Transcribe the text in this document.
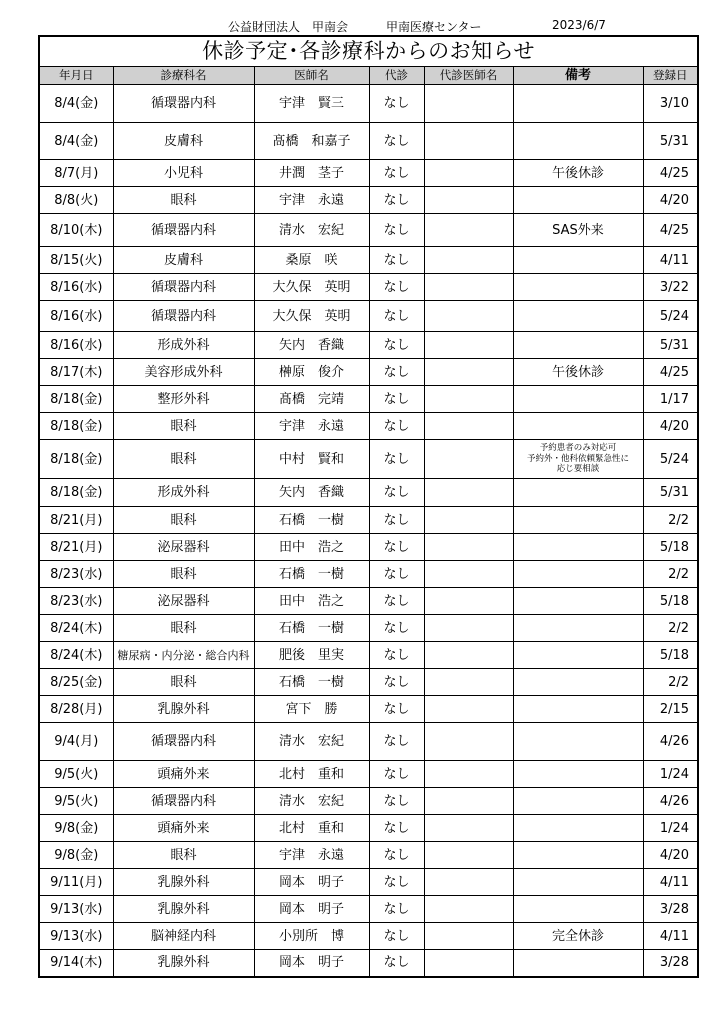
公益財団法人　甲南会	甲南医療センター	2023/6/7
休診予定･各診療科からのお知らせ						
年月日	診療科名	医師名	代診	代診医師名	備考	登録日
8/4(金)	循環器内科	宇津　賢三	なし			3/10
8/4(金)	皮膚科	髙橋　和嘉子	なし			5/31
8/7(月)	小児科	井潤　茎子	なし		午後休診	4/25
8/8(火)	眼科	宇津　永遠	なし			4/20
8/10(木)	循環器内科	清水　宏紀	なし		SAS外来	4/25
8/15(火)	皮膚科	桑原　咲	なし			4/11
8/16(水)	循環器内科	大久保　英明	なし			3/22
8/16(水)	循環器内科	大久保　英明	なし			5/24
8/16(水)	形成外科	矢内　香織	なし			5/31
8/17(木)	美容形成外科	榊原　俊介	なし		午後休診	4/25
8/18(金)	整形外科	髙橋　完靖	なし			1/17
8/18(金)	眼科	宇津　永遠	なし			4/20
8/18(金)	眼科	中村　賢和	なし		予約患者のみ対応可
予約外・他科依頼緊急性に
応じ要相談	5/24
8/18(金)	形成外科	矢内　香織	なし			5/31
8/21(月)	眼科	石橋　一樹	なし			2/2
8/21(月)	泌尿器科	田中　浩之	なし			5/18
8/23(水)	眼科	石橋　一樹	なし			2/2
8/23(水)	泌尿器科	田中　浩之	なし			5/18
8/24(木)	眼科	石橋　一樹	なし			2/2
8/24(木)	糖尿病・内分泌・総合内科	肥後　里実	なし			5/18
8/25(金)	眼科	石橋　一樹	なし			2/2
8/28(月)	乳腺外科	宮下　勝	なし			2/15
9/4(月)	循環器内科	清水　宏紀	なし			4/26
9/5(火)	頭痛外来	北村　重和	なし			1/24
9/5(火)	循環器内科	清水　宏紀	なし			4/26
9/8(金)	頭痛外来	北村　重和	なし			1/24
9/8(金)	眼科	宇津　永遠	なし			4/20
9/11(月)	乳腺外科	岡本　明子	なし			4/11
9/13(水)	乳腺外科	岡本　明子	なし			3/28
9/13(水)	脳神経内科	小別所　博	なし		完全休診	4/11
9/14(木)	乳腺外科	岡本　明子	なし			3/28
